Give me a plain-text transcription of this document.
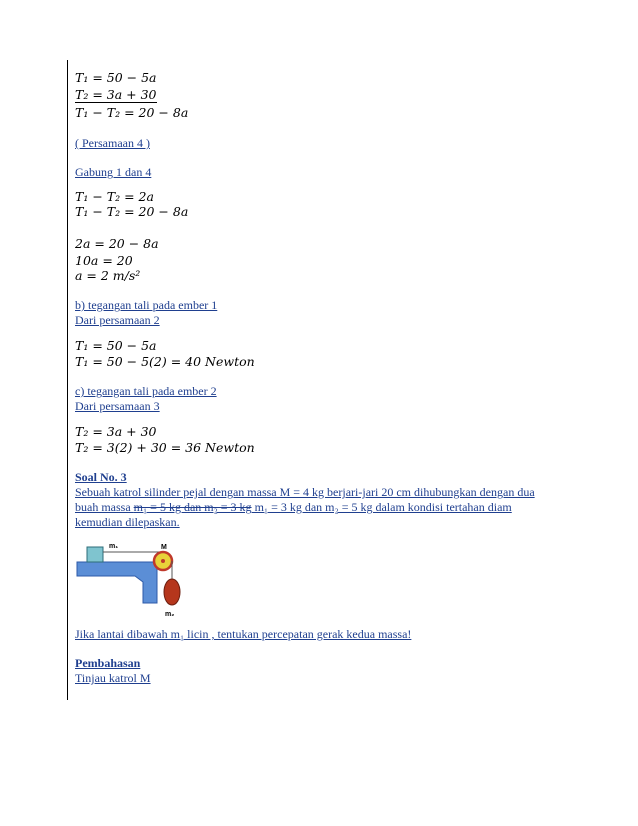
T₁ = 50 − 5a
T₂ = 3a + 30
T₁ − T₂ = 20 − 8a
( Persamaan 4 )
Gabung 1 dan 4
T₁ − T₂ = 2a
T₁ − T₂ = 20 − 8a
2a = 20 − 8a
10a = 20
a = 2 m/s²
b) tegangan tali pada ember 1
Dari persamaan 2
T₁ = 50 − 5a
T₁ = 50 − 5(2) = 40 Newton
c) tegangan tali pada ember 2
Dari persamaan 3
T₂ = 3a + 30
T₂ = 3(2) + 30 = 36 Newton
Soal No. 3
Sebuah katrol silinder pejal dengan massa M = 4 kg berjari-jari 20 cm dihubungkan dengan dua
buah massa m₁ = 5 kg dan m₂ = 3 kg m₁ = 3 kg dan m₂ = 5 kg dalam kondisi tertahan diam
kemudian dilepaskan.
m₁	M
m₂
Jika lantai dibawah m₁ licin , tentukan percepatan gerak kedua massa!
Pembahasan
Tinjau katrol M
